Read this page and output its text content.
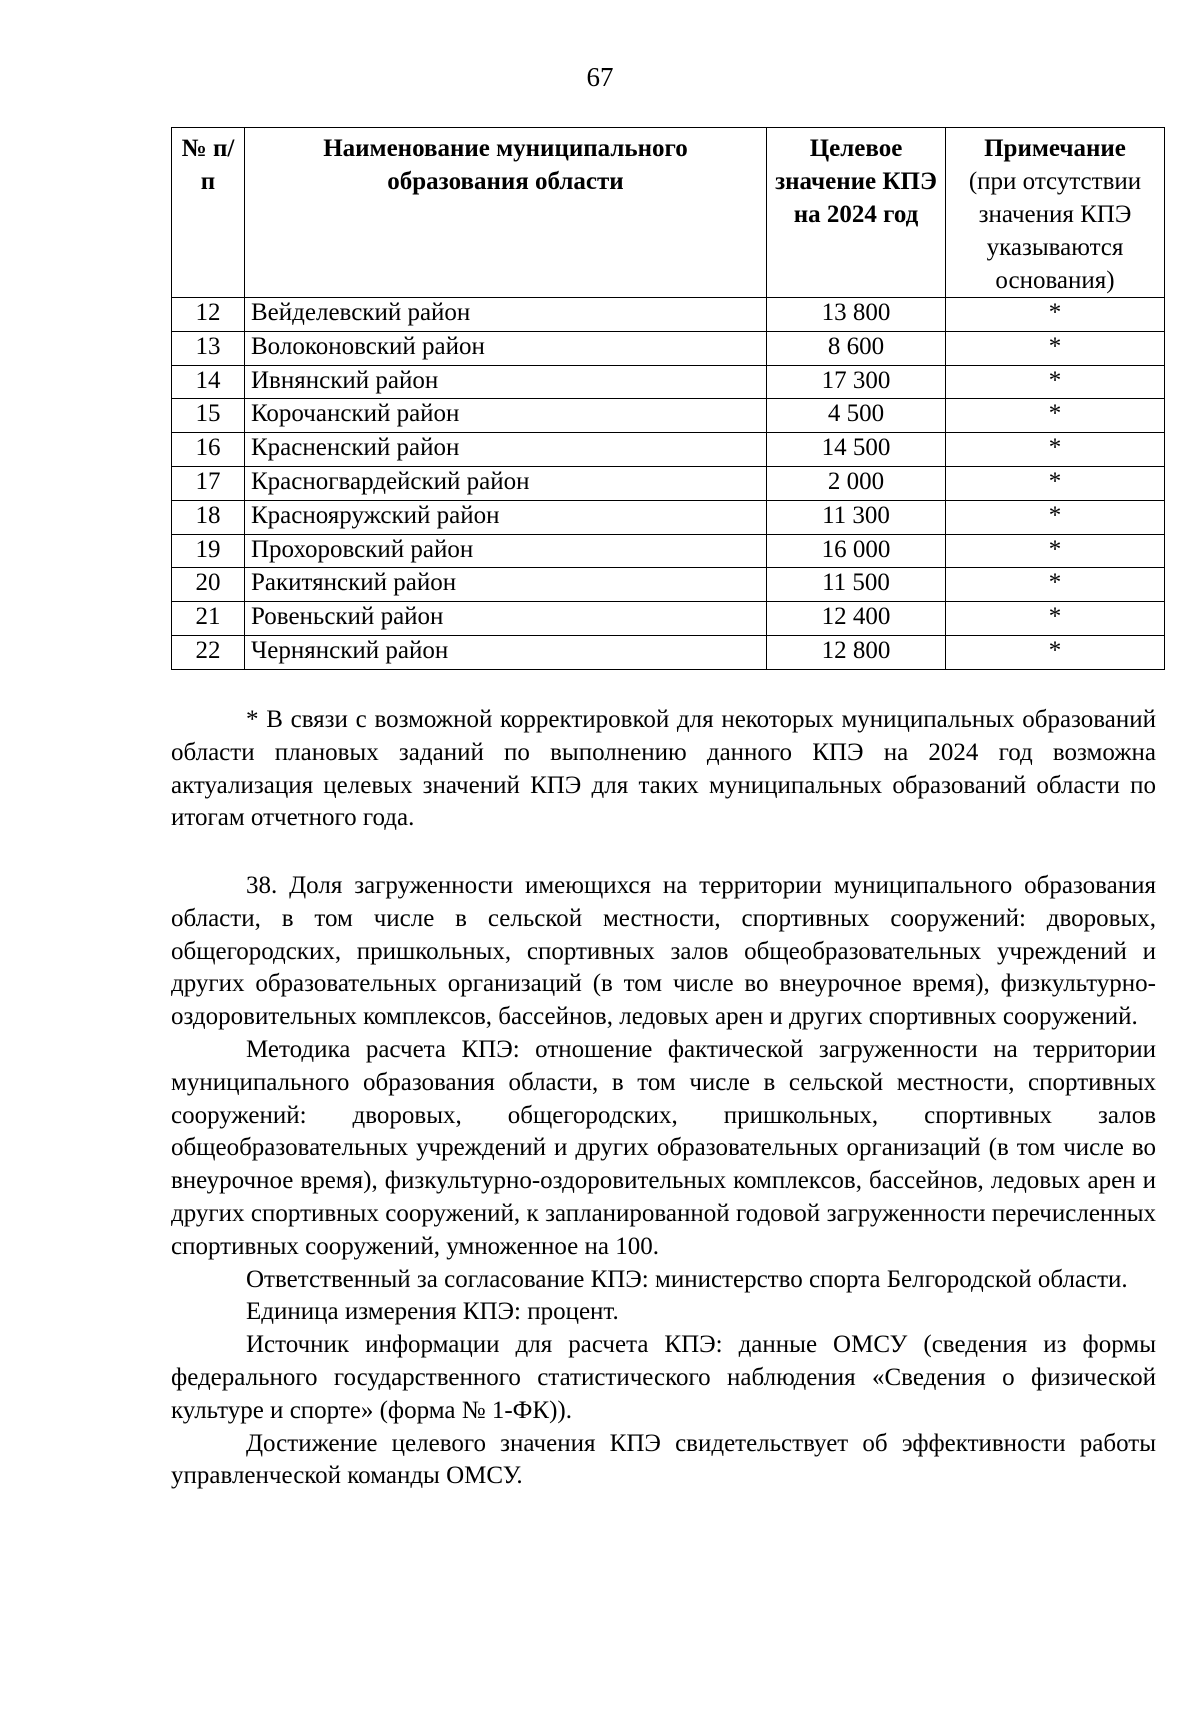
67
№ п/п	Наименование муниципального образования области	Целевое значение КПЭ на 2024 год	Примечание
(при отсутствии значения КПЭ указываются основания)

12	Вейделевский район	13 800	*
13	Волоконовский район	8 600	*
14	Ивнянский район	17 300	*
15	Корочанский район	4 500	*
16	Красненский район	14 500	*
17	Красногвардейский район	2 000	*
18	Краснояружский район	11 300	*
19	Прохоровский район	16 000	*
20	Ракитянский район	11 500	*
21	Ровеньский район	12 400	*
22	Чернянский район	12 800	*

* В связи с возможной корректировкой для некоторых муниципальных образований области плановых заданий по выполнению данного КПЭ на 2024 год возможна актуализация целевых значений КПЭ для таких муниципальных образований области по итогам отчетного года.

38. Доля загруженности имеющихся на территории муниципального образования области, в том числе в сельской местности, спортивных сооружений: дворовых, общегородских, пришкольных, спортивных залов общеобразовательных учреждений и других образовательных организаций (в том числе во внеурочное время), физкультурно-оздоровительных комплексов, бассейнов, ледовых арен и других спортивных сооружений.

Методика расчета КПЭ: отношение фактической загруженности на территории муниципального образования области, в том числе в сельской местности, спортивных сооружений: дворовых, общегородских, пришкольных, спортивных залов общеобразовательных учреждений и других образовательных организаций (в том числе во внеурочное время), физкультурно-оздоровительных комплексов, бассейнов, ледовых арен и других спортивных сооружений, к запланированной годовой загруженности перечисленных спортивных сооружений, умноженное на 100.

Ответственный за согласование КПЭ: министерство спорта Белгородской области.

Единица измерения КПЭ: процент.

Источник информации для расчета КПЭ: данные ОМСУ (сведения из формы федерального государственного статистического наблюдения «Сведения о физической культуре и спорте» (форма № 1-ФК)).

Достижение целевого значения КПЭ свидетельствует об эффективности работы управленческой команды ОМСУ.
